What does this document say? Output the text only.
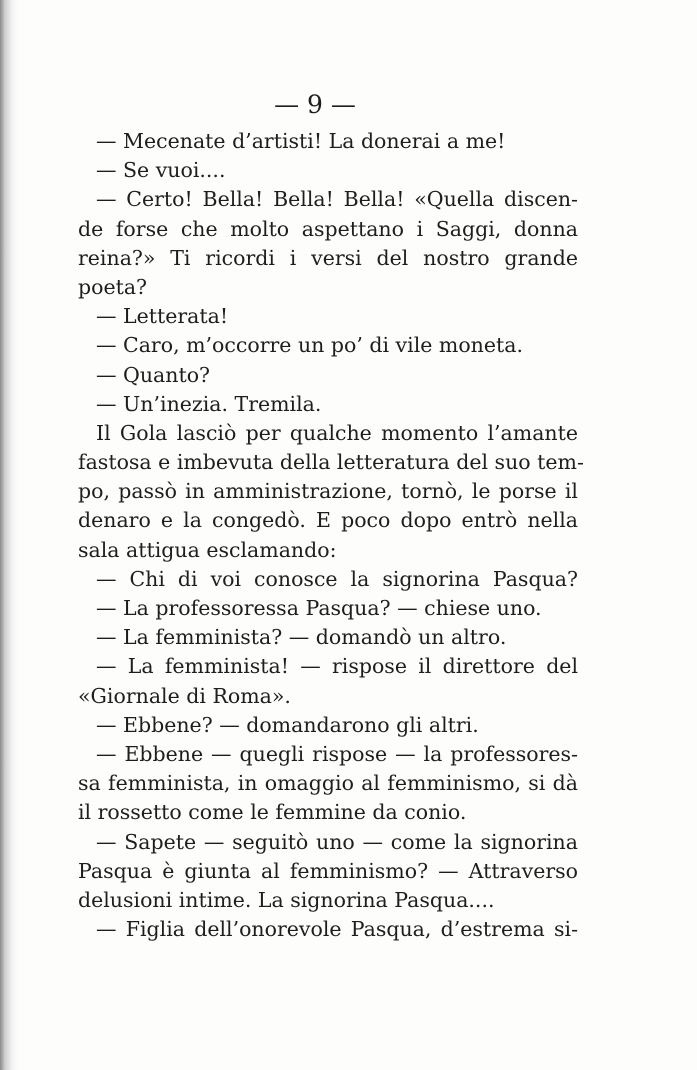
— 9 —
— Mecenate d’artisti! La donerai a me!
— Se vuoi....
— Certo! Bella! Bella! Bella! «Quella discen-
de forse che molto aspettano i Saggi, donna
reina?» Ti ricordi i versi del nostro grande
poeta?
— Letterata!
— Caro, m’occorre un po’ di vile moneta.
— Quanto?
— Un’inezia. Tremila.
Il Gola lasciò per qualche momento l’amante
fastosa e imbevuta della letteratura del suo tem-
po, passò in amministrazione, tornò, le porse il
denaro e la congedò. E poco dopo entrò nella
sala attigua esclamando:
— Chi di voi conosce la signorina Pasqua?
— La professoressa Pasqua? — chiese uno.
— La femminista? — domandò un altro.
— La femminista! — rispose il direttore del
«Giornale di Roma».
— Ebbene? — domandarono gli altri.
— Ebbene — quegli rispose — la professores-
sa femminista, in omaggio al femminismo, si dà
il rossetto come le femmine da conio.
— Sapete — seguitò uno — come la signorina
Pasqua è giunta al femminismo? — Attraverso
delusioni intime. La signorina Pasqua....
— Figlia dell’onorevole Pasqua, d’estrema si-
